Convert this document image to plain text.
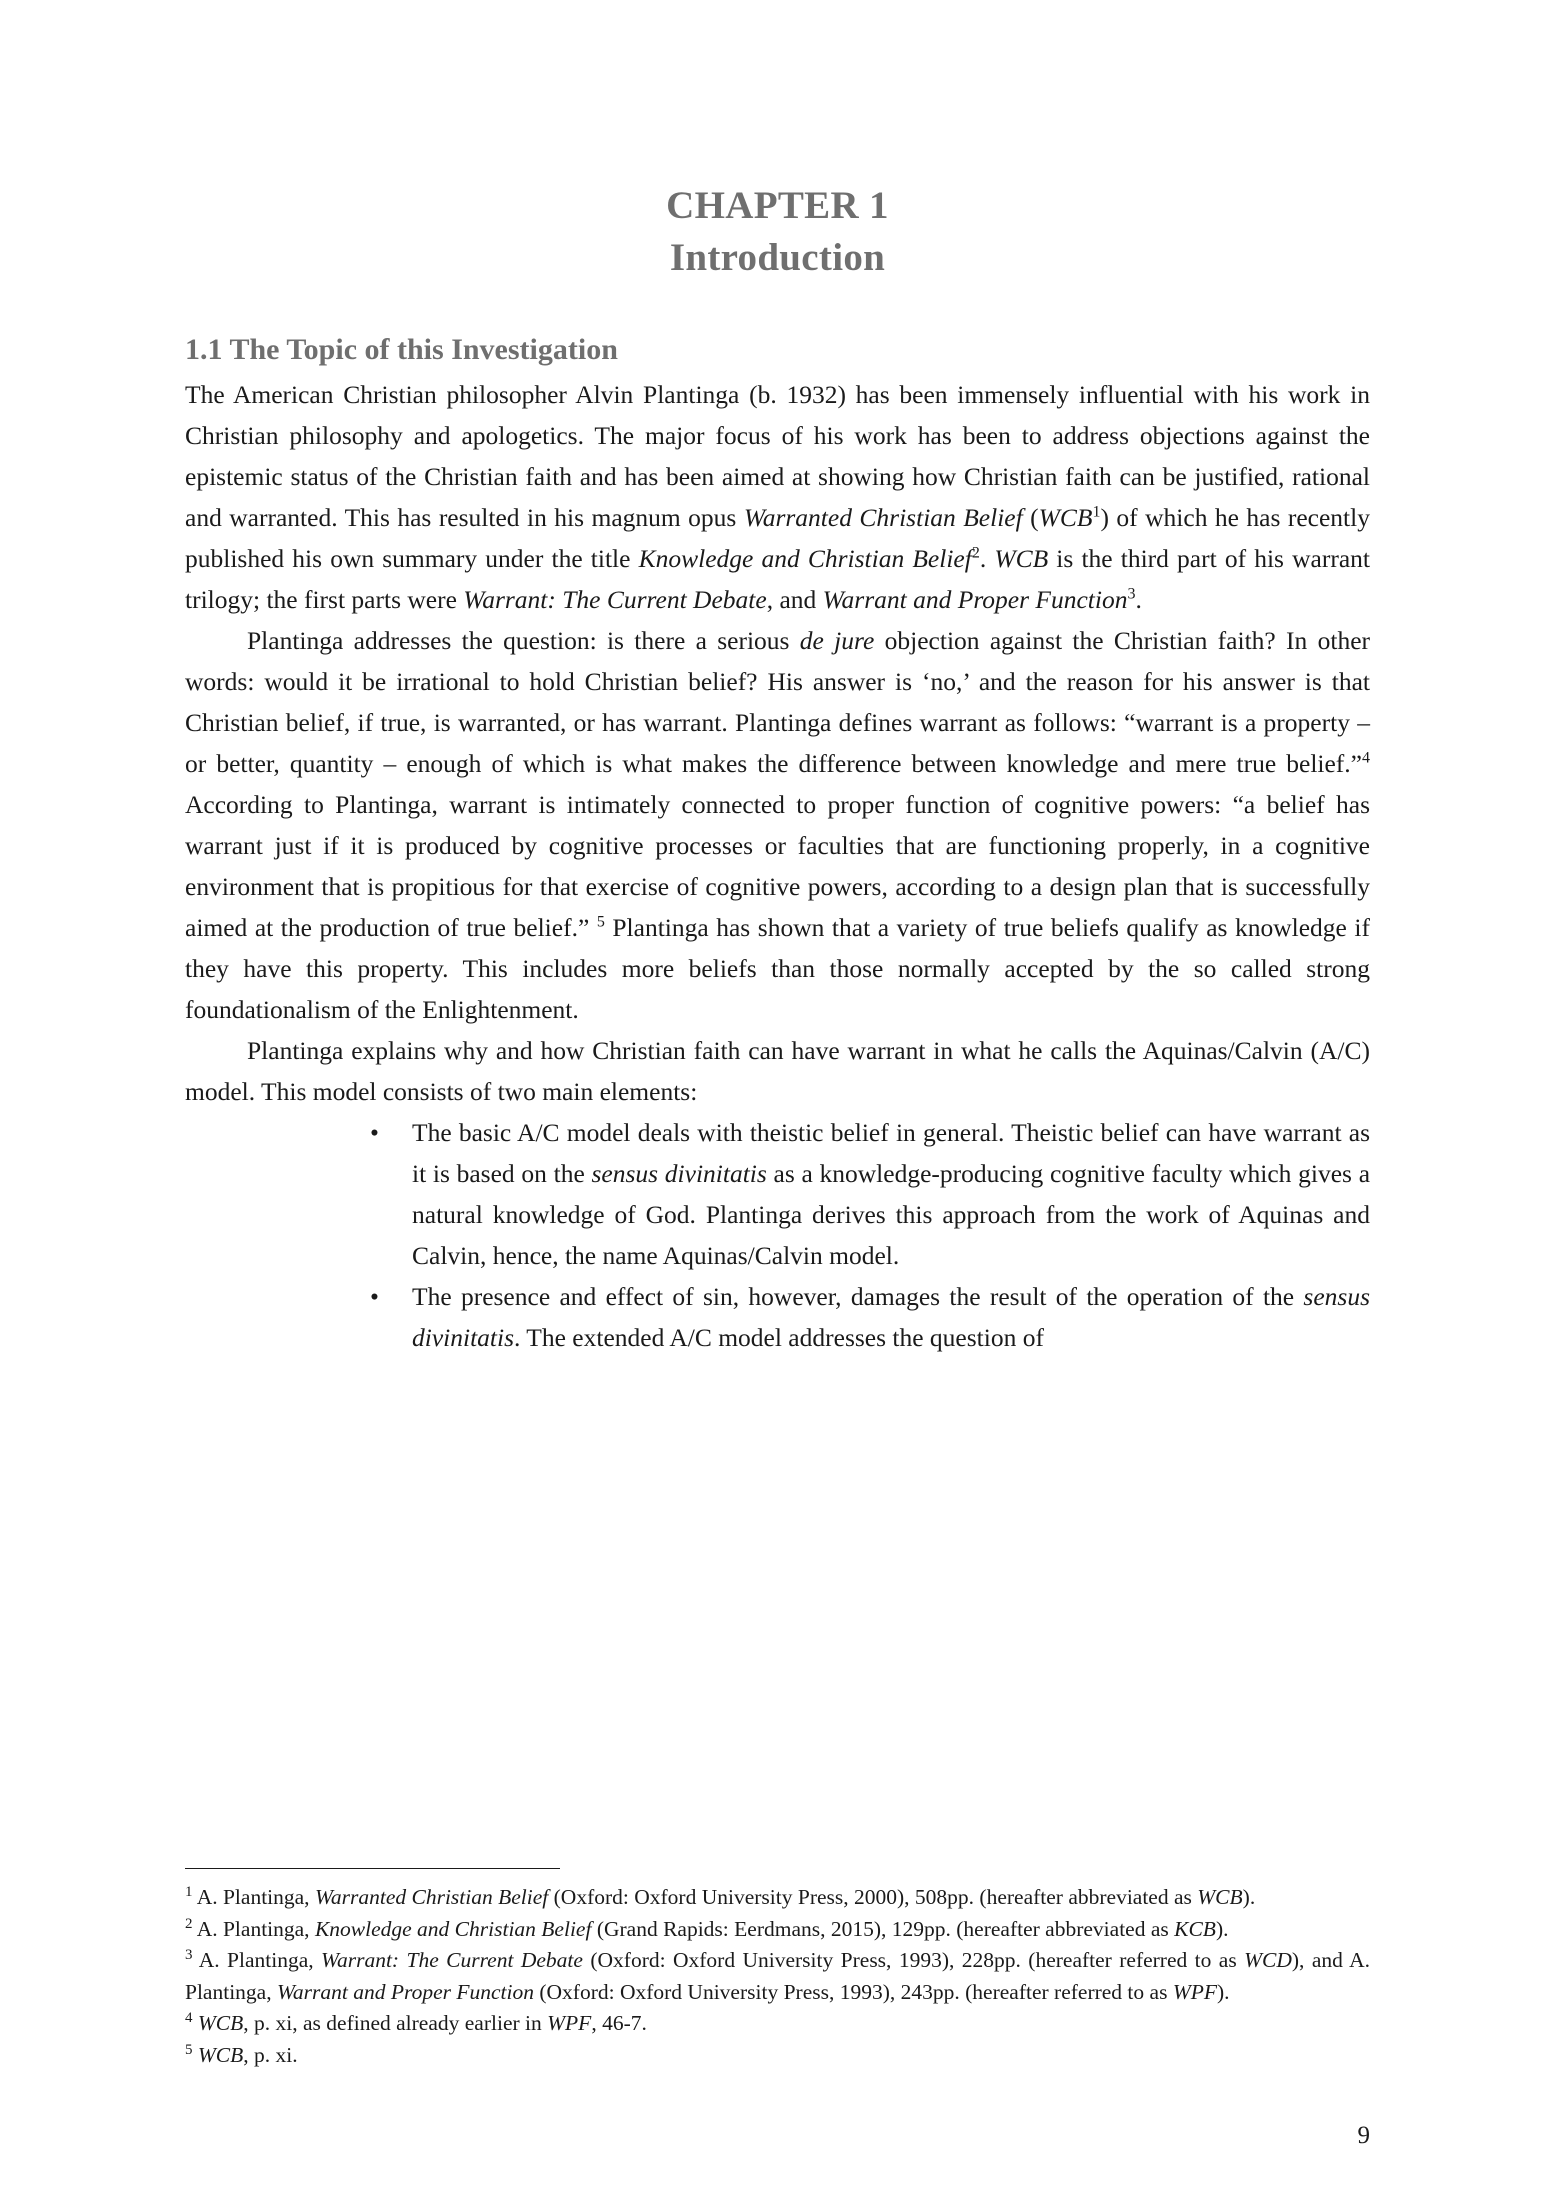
CHAPTER 1
Introduction
1.1 The Topic of this Investigation

The American Christian philosopher Alvin Plantinga (b. 1932) has been immensely influential with his work in Christian philosophy and apologetics. The major focus of his work has been to address objections against the epistemic status of the Christian faith and has been aimed at showing how Christian faith can be justified, rational and warranted. This has resulted in his magnum opus Warranted Christian Belief (WCB$^1$) of which he has recently published his own summary under the title Knowledge and Christian Belief$^2$. WCB is the third part of his warrant trilogy; the first parts were Warrant: The Current Debate, and Warrant and Proper Function$^3$.

Plantinga addresses the question: is there a serious de jure objection against the Christian faith? In other words: would it be irrational to hold Christian belief? His answer is ‘no,’ and the reason for his answer is that Christian belief, if true, is warranted, or has warrant. Plantinga defines warrant as follows: “warrant is a property – or better, quantity – enough of which is what makes the difference between knowledge and mere true belief.”$^4$ According to Plantinga, warrant is intimately connected to proper function of cognitive powers: “a belief has warrant just if it is produced by cognitive processes or faculties that are functioning properly, in a cognitive environment that is propitious for that exercise of cognitive powers, according to a design plan that is successfully aimed at the production of true belief.” $^5$ Plantinga has shown that a variety of true beliefs qualify as knowledge if they have this property. This includes more beliefs than those normally accepted by the so called strong foundationalism of the Enlightenment.

Plantinga explains why and how Christian faith can have warrant in what he calls the Aquinas/Calvin (A/C) model. This model consists of two main elements:

• The basic A/C model deals with theistic belief in general. Theistic belief can have warrant as it is based on the sensus divinitatis as a knowledge-producing cognitive faculty which gives a natural knowledge of God. Plantinga derives this approach from the work of Aquinas and Calvin, hence, the name Aquinas/Calvin model.
• The presence and effect of sin, however, damages the result of the operation of the sensus divinitatis. The extended A/C model addresses the question of

$^1$ A. Plantinga, Warranted Christian Belief (Oxford: Oxford University Press, 2000), 508pp. (hereafter abbreviated as WCB).

$^2$ A. Plantinga, Knowledge and Christian Belief (Grand Rapids: Eerdmans, 2015), 129pp. (hereafter abbreviated as KCB).

$^3$ A. Plantinga, Warrant: The Current Debate (Oxford: Oxford University Press, 1993), 228pp. (hereafter referred to as WCD), and A. Plantinga, Warrant and Proper Function (Oxford: Oxford University Press, 1993), 243pp. (hereafter referred to as WPF).

$^4$ WCB, p. xi, as defined already earlier in WPF, 46-7.

$^5$ WCB, p. xi.

9
